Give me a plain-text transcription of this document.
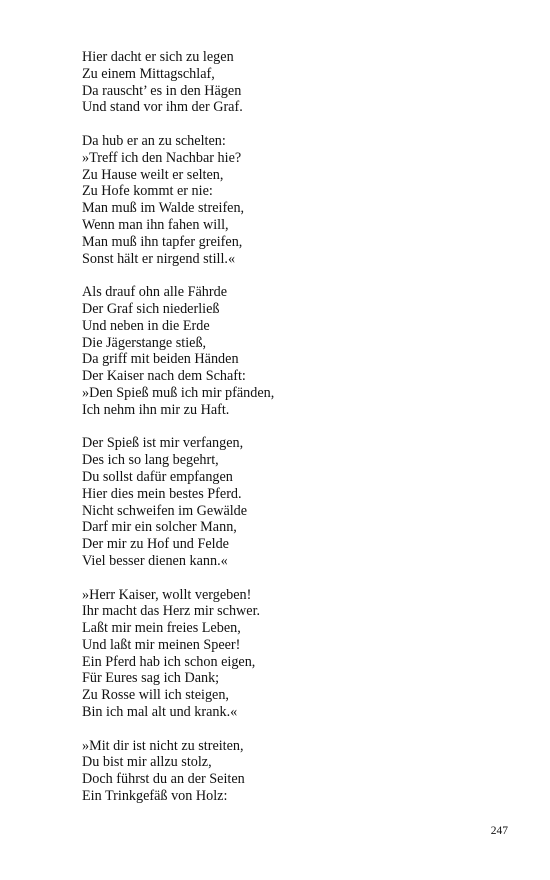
Hier dacht er sich zu legen
Zu einem Mittagschlaf,
Da rauscht’ es in den Hägen
Und stand vor ihm der Graf.
Da hub er an zu schelten:
»Treff ich den Nachbar hie?
Zu Hause weilt er selten,
Zu Hofe kommt er nie:
Man muß im Walde streifen,
Wenn man ihn fahen will,
Man muß ihn tapfer greifen,
Sonst hält er nirgend still.«
Als drauf ohn alle Fährde
Der Graf sich niederließ
Und neben in die Erde
Die Jägerstange stieß,
Da griff mit beiden Händen
Der Kaiser nach dem Schaft:
»Den Spieß muß ich mir pfänden,
Ich nehm ihn mir zu Haft.
Der Spieß ist mir verfangen,
Des ich so lang begehrt,
Du sollst dafür empfangen
Hier dies mein bestes Pferd.
Nicht schweifen im Gewälde
Darf mir ein solcher Mann,
Der mir zu Hof und Felde
Viel besser dienen kann.«
»Herr Kaiser, wollt vergeben!
Ihr macht das Herz mir schwer.
Laßt mir mein freies Leben,
Und laßt mir meinen Speer!
Ein Pferd hab ich schon eigen,
Für Eures sag ich Dank;
Zu Rosse will ich steigen,
Bin ich mal alt und krank.«
»Mit dir ist nicht zu streiten,
Du bist mir allzu stolz,
Doch führst du an der Seiten
Ein Trinkgefäß von Holz:
247
